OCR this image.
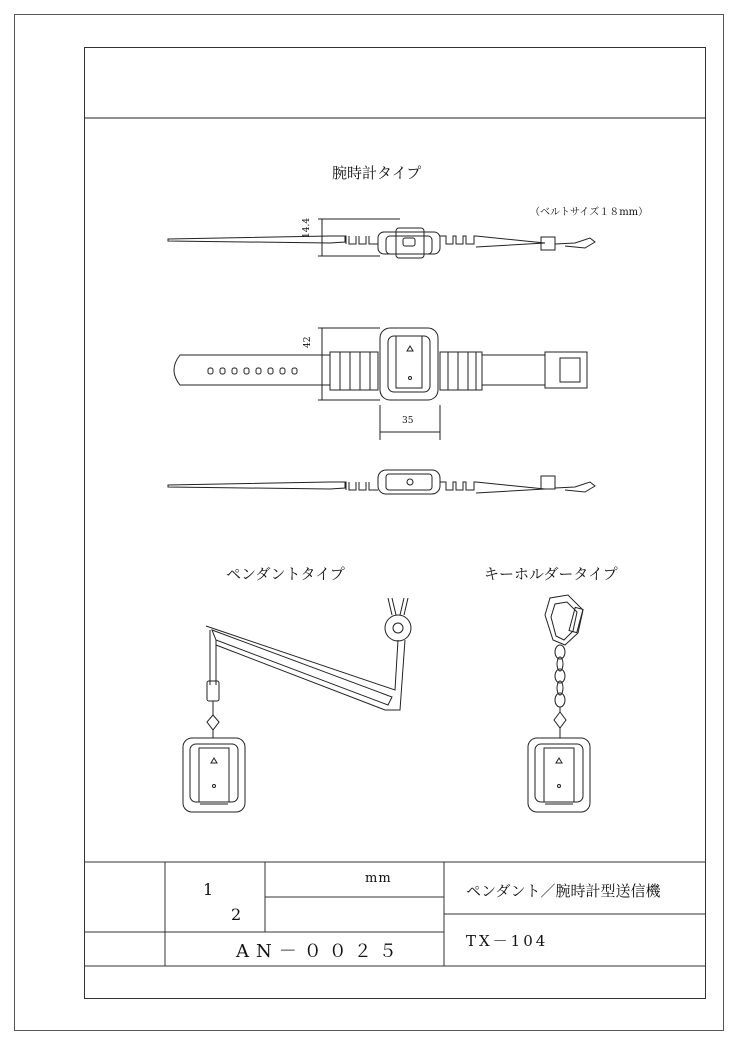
腕時計タイプ
（ベルトサイズ１８mm）
14.4
42
35
ペンダントタイプ	キーホルダータイプ
1
2
mm
ペンダント／腕時計型送信機
AN－００２５	TX－104
